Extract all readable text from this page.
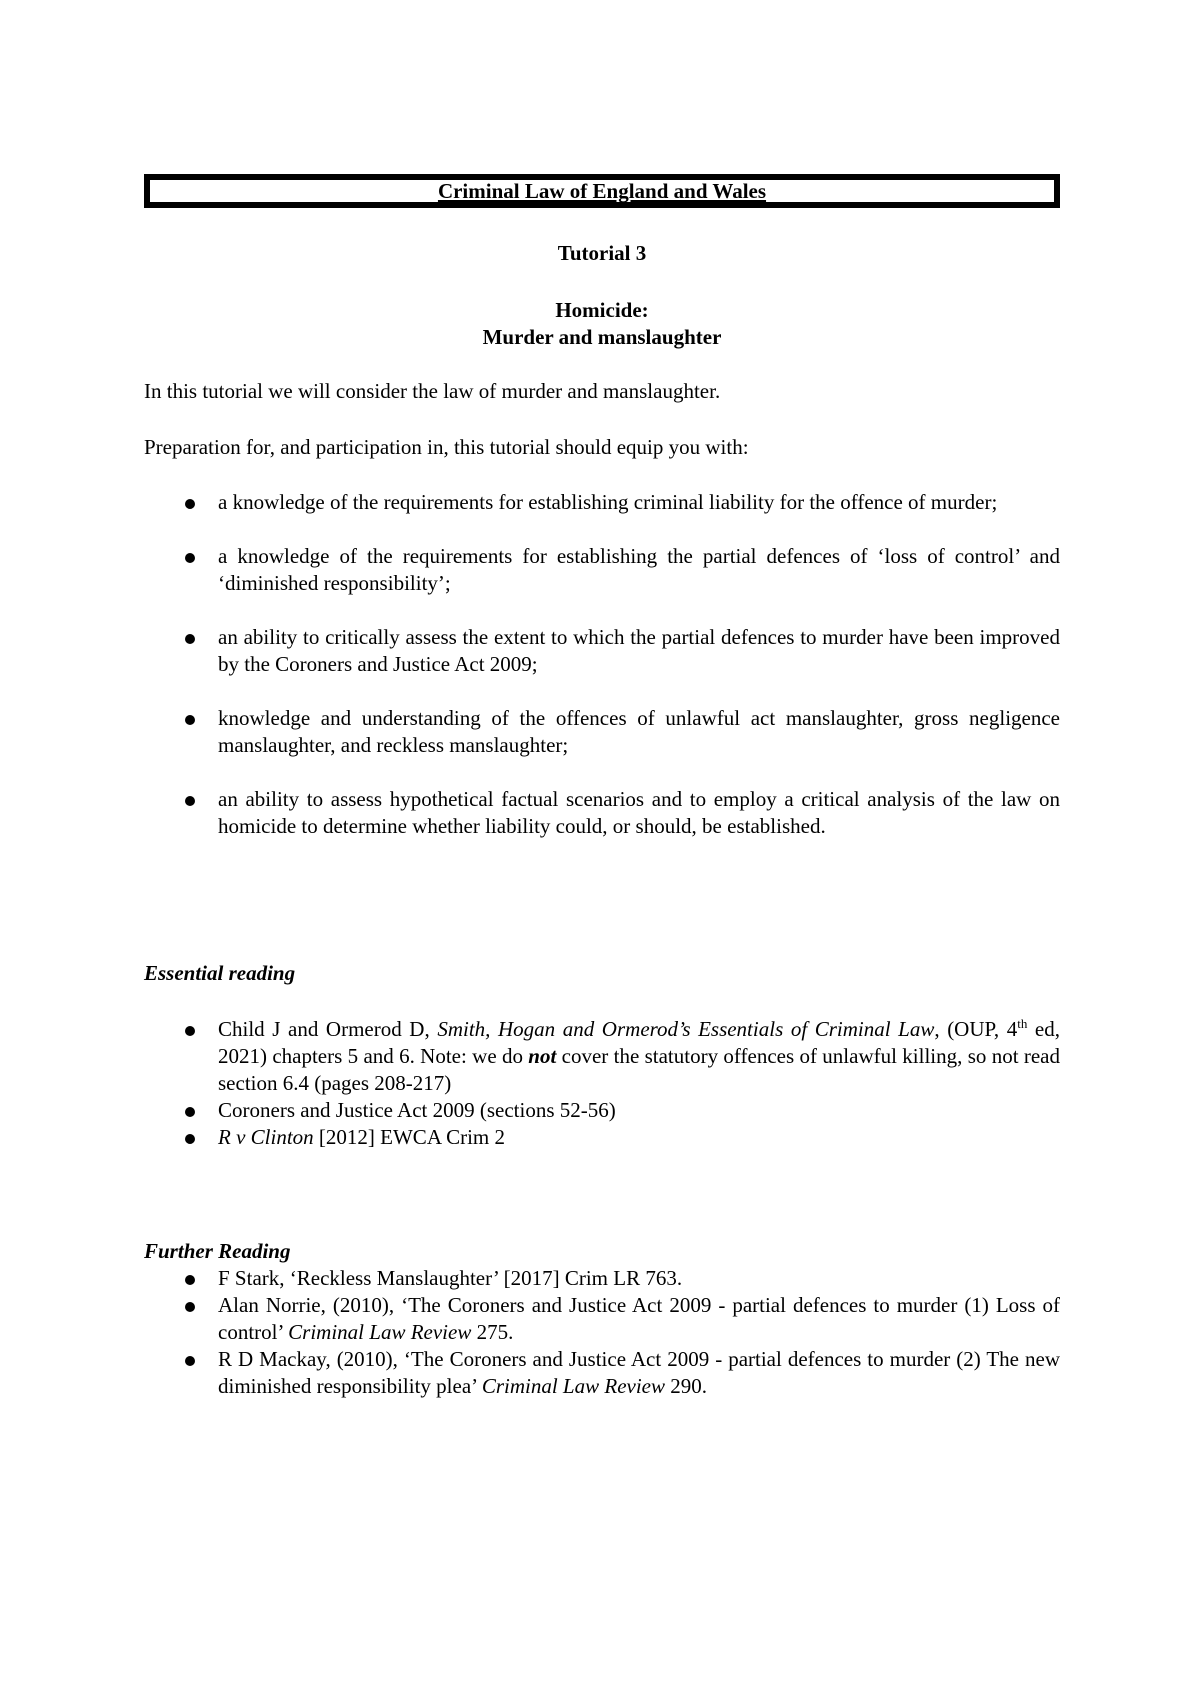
Criminal Law of England and Wales
Tutorial 3
Homicide:
Murder and manslaughter
In this tutorial we will consider the law of murder and manslaughter.
Preparation for, and participation in, this tutorial should equip you with:
a knowledge of the requirements for establishing criminal liability for the offence of murder;
a knowledge of the requirements for establishing the partial defences of ‘loss of control’ and ‘diminished responsibility’;
an ability to critically assess the extent to which the partial defences to murder have been improved by the Coroners and Justice Act 2009;
knowledge and understanding of the offences of unlawful act manslaughter, gross negligence manslaughter, and reckless manslaughter;
an ability to assess hypothetical factual scenarios and to employ a critical analysis of the law on homicide to determine whether liability could, or should, be established.
Essential reading
Child J and Ormerod D, Smith, Hogan and Ormerod’s Essentials of Criminal Law, (OUP, 4th ed, 2021) chapters 5 and 6. Note: we do not cover the statutory offences of unlawful killing, so not read section 6.4 (pages 208-217)
Coroners and Justice Act 2009 (sections 52-56)
R v Clinton [2012] EWCA Crim 2
Further Reading
F Stark, ‘Reckless Manslaughter’ [2017] Crim LR 763.
Alan Norrie, (2010), ‘The Coroners and Justice Act 2009 - partial defences to murder (1) Loss of control’ Criminal Law Review 275.
R D Mackay, (2010), ‘The Coroners and Justice Act 2009 - partial defences to murder (2) The new diminished responsibility plea’ Criminal Law Review 290.
